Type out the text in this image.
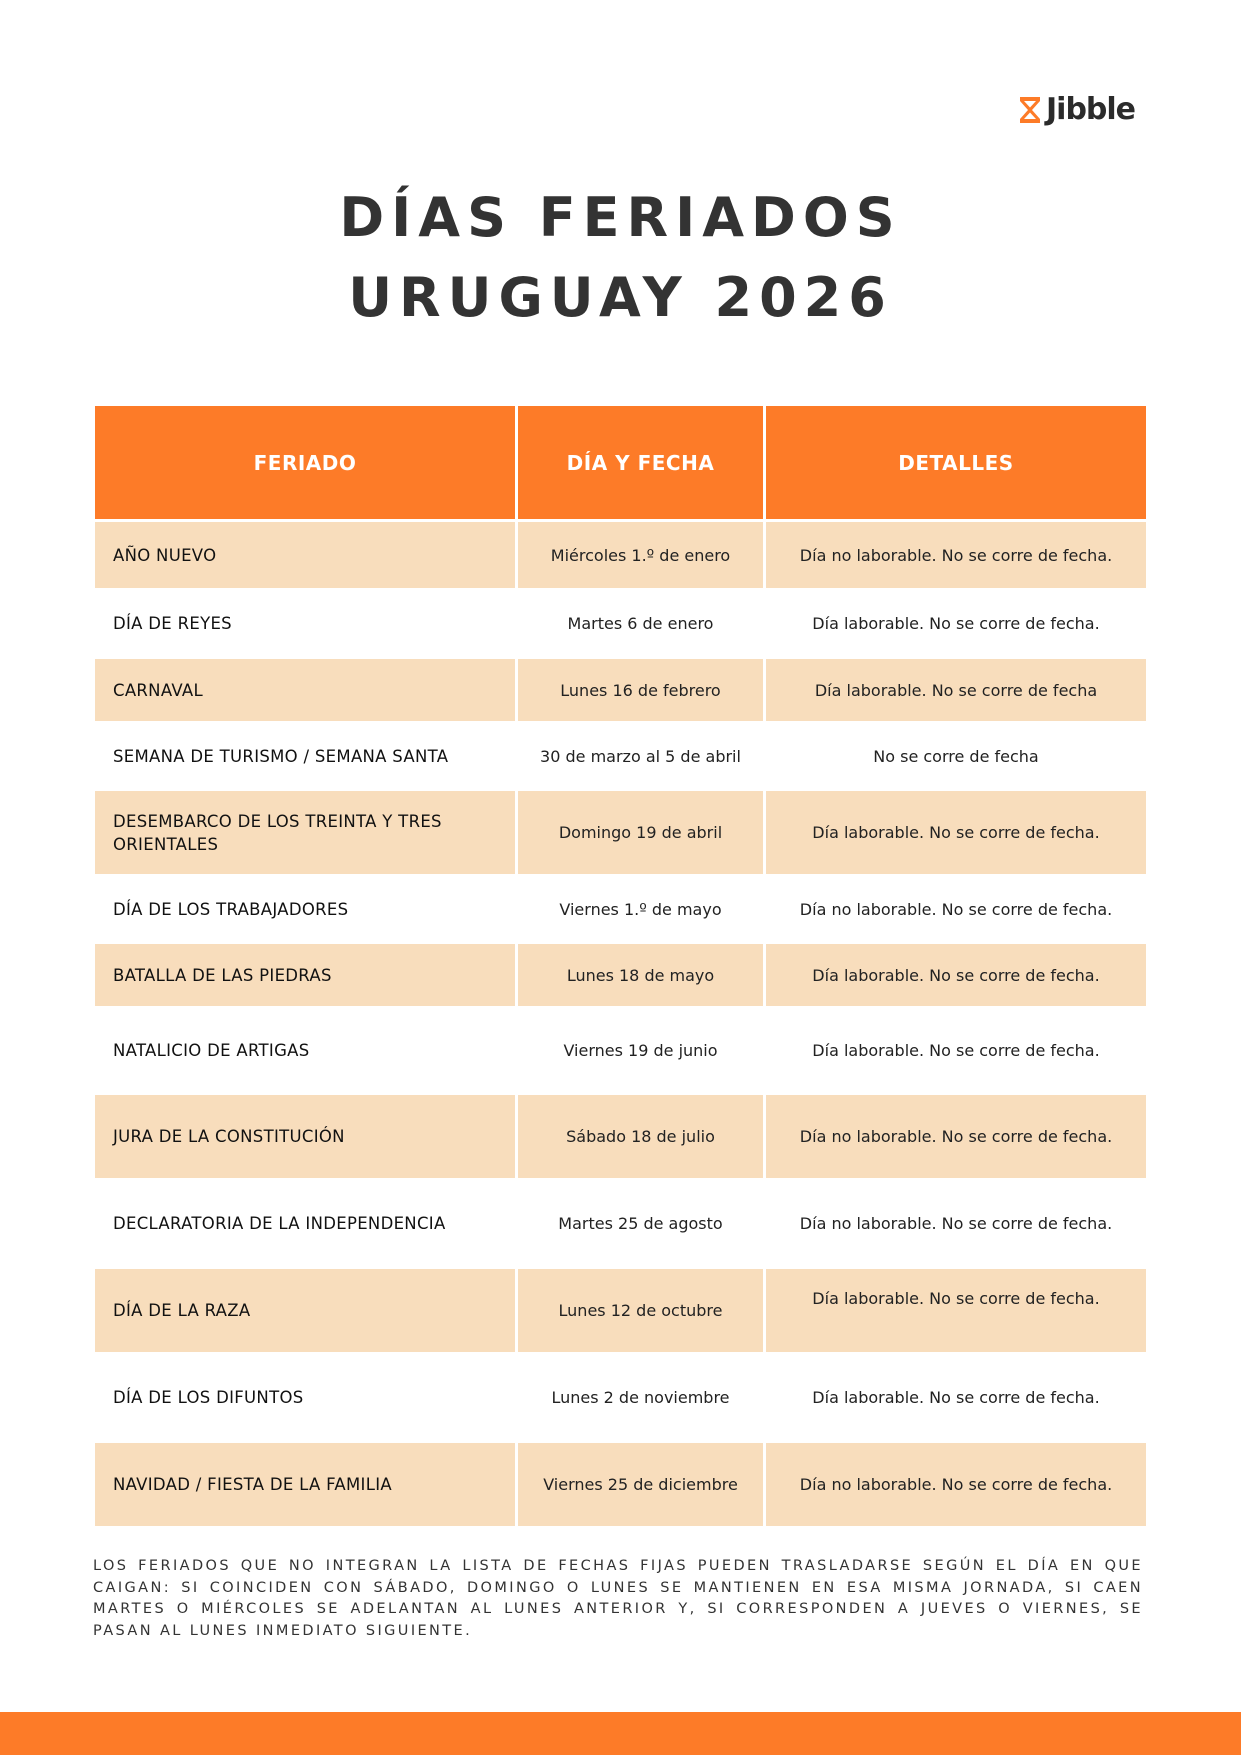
Jibble
DÍAS FERIADOS
URUGUAY 2026
FERIADO	DÍA Y FECHA	DETALLES
AÑO NUEVO	Miércoles 1.º de enero	Día no laborable. No se corre de fecha.
DÍA DE REYES	Martes 6 de enero	Día laborable. No se corre de fecha.
CARNAVAL	Lunes 16 de febrero	Día laborable. No se corre de fecha
SEMANA DE TURISMO / SEMANA SANTA	30 de marzo al 5 de abril	No se corre de fecha
DESEMBARCO DE LOS TREINTA Y TRES ORIENTALES	Domingo 19 de abril	Día laborable. No se corre de fecha.
DÍA DE LOS TRABAJADORES	Viernes 1.º de mayo	Día no laborable. No se corre de fecha.
BATALLA DE LAS PIEDRAS	Lunes 18 de mayo	Día laborable. No se corre de fecha.
NATALICIO DE ARTIGAS	Viernes 19 de junio	Día laborable. No se corre de fecha.
JURA DE LA CONSTITUCIÓN	Sábado 18 de julio	Día no laborable. No se corre de fecha.
DECLARATORIA DE LA INDEPENDENCIA	Martes 25 de agosto	Día no laborable. No se corre de fecha.
DÍA DE LA RAZA	Lunes 12 de octubre	Día laborable. No se corre de fecha.
DÍA DE LOS DIFUNTOS	Lunes 2 de noviembre	Día laborable. No se corre de fecha.
NAVIDAD / FIESTA DE LA FAMILIA	Viernes 25 de diciembre	Día no laborable. No se corre de fecha.

LOS FERIADOS QUE NO INTEGRAN LA LISTA DE FECHAS FIJAS PUEDEN TRASLADARSE SEGÚN EL DÍA EN QUE CAIGAN: SI COINCIDEN CON SÁBADO, DOMINGO O LUNES SE MANTIENEN EN ESA MISMA JORNADA, SI CAEN MARTES O MIÉRCOLES SE ADELANTAN AL LUNES ANTERIOR Y, SI CORRESPONDEN A JUEVES O VIERNES, SE PASAN AL LUNES INMEDIATO SIGUIENTE.
